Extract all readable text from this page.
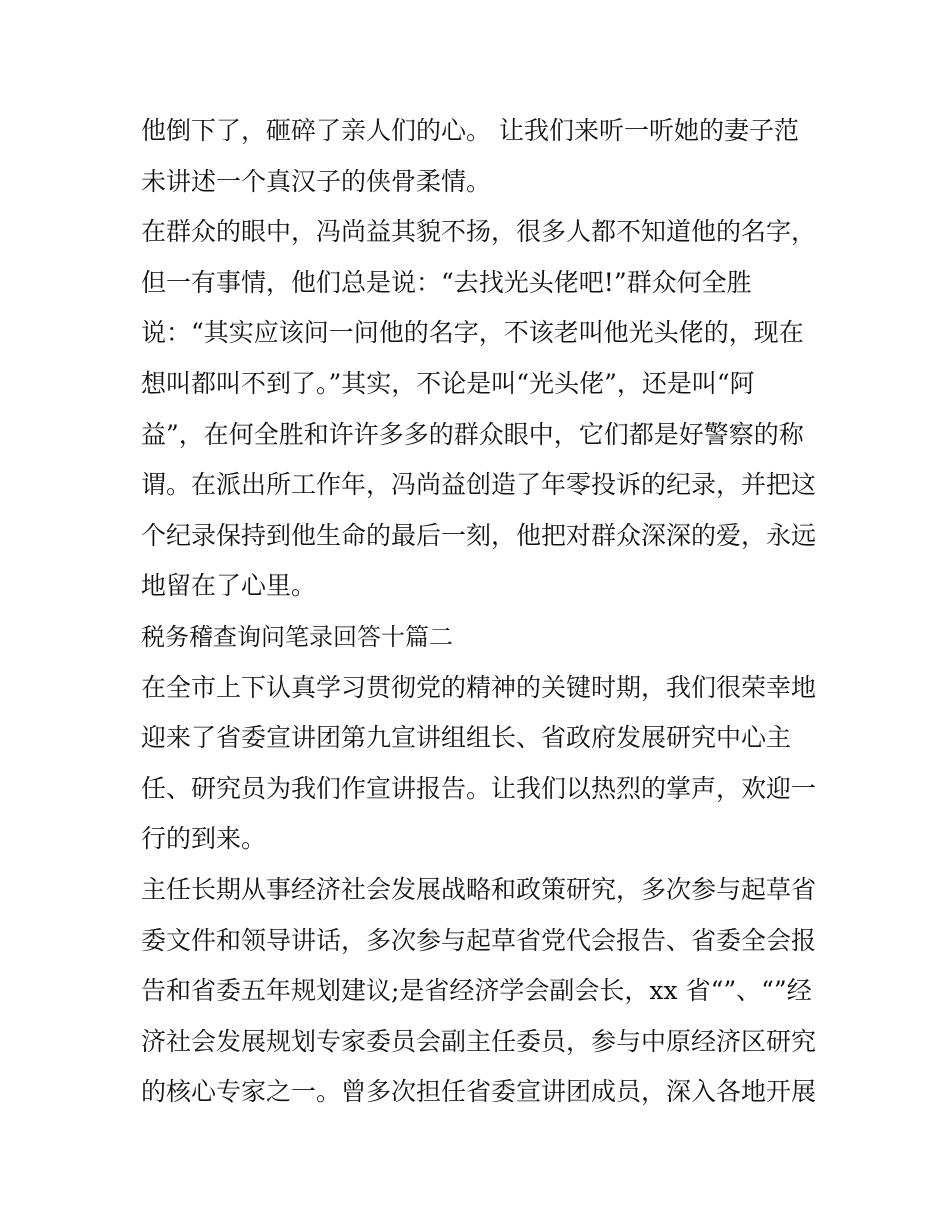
他倒下了，砸碎了亲人们的心。 让我们来听一听她的妻子范
未讲述一个真汉子的侠骨柔情。
在群众的眼中，冯尚益其貌不扬，很多人都不知道他的名字，
但一有事情，他们总是说：“去找光头佬吧!”群众何全胜
说：“其实应该问一问他的名字，不该老叫他光头佬的，现在
想叫都叫不到了。”其实，不论是叫“光头佬”，还是叫“阿
益”，在何全胜和许许多多的群众眼中，它们都是好警察的称
谓。在派出所工作年，冯尚益创造了年零投诉的纪录，并把这
个纪录保持到他生命的最后一刻，他把对群众深深的爱，永远
地留在了心里。
税务稽查询问笔录回答十篇二
在全市上下认真学习贯彻党的精神的关键时期，我们很荣幸地
迎来了省委宣讲团第九宣讲组组长、省政府发展研究中心主
任、研究员为我们作宣讲报告。让我们以热烈的掌声，欢迎一
行的到来。
主任长期从事经济社会发展战略和政策研究，多次参与起草省
委文件和领导讲话，多次参与起草省党代会报告、省委全会报
告和省委五年规划建议;是省经济学会副会长，xx 省“”、“”经
济社会发展规划专家委员会副主任委员，参与中原经济区研究
的核心专家之一。曾多次担任省委宣讲团成员，深入各地开展
